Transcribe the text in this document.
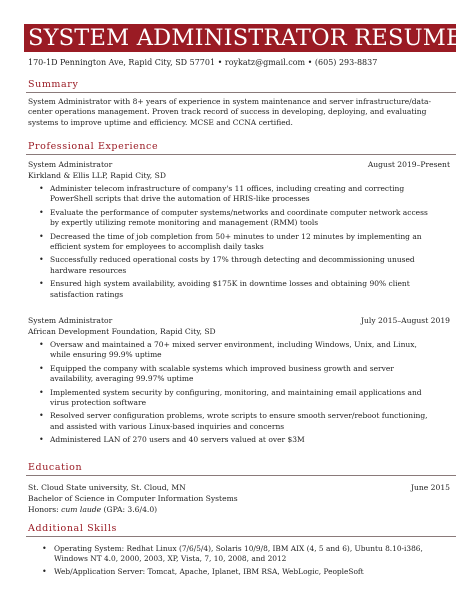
SYSTEM ADMINISTRATOR RESUME
170-1D Pennington Ave, Rapid City, SD 57701 • roykatz@gmail.com • (605) 293-8837
Summary
System Administrator with 8+ years of experience in system maintenance and server infrastructure/data-center operations management. Proven track record of success in developing, deploying, and evaluating systems to improve uptime and efficiency. MCSE and CCNA certified.
Professional Experience
System Administrator	August 2019–Present
Kirkland & Ellis LLP, Rapid City, SD
• Administer telecom infrastructure of company's 11 offices, including creating and correcting PowerShell scripts that drive the automation of HRIS-like processes
• Evaluate the performance of computer systems/networks and coordinate computer network access by expertly utilizing remote monitoring and management (RMM) tools
• Decreased the time of job completion from 50+ minutes to under 12 minutes by implementing an efficient system for employees to accomplish daily tasks
• Successfully reduced operational costs by 17% through detecting and decommissioning unused hardware resources
• Ensured high system availability, avoiding $175K in downtime losses and obtaining 90% client satisfaction ratings
System Administrator	July 2015–August 2019
African Development Foundation, Rapid City, SD
• Oversaw and maintained a 70+ mixed server environment, including Windows, Unix, and Linux, while ensuring 99.9% uptime
• Equipped the company with scalable systems which improved business growth and server availability, averaging 99.97% uptime
• Implemented system security by configuring, monitoring, and maintaining email applications and virus protection software
• Resolved server configuration problems, wrote scripts to ensure smooth server/reboot functioning, and assisted with various Linux-based inquiries and concerns
• Administered LAN of 270 users and 40 servers valued at over $3M
Education
St. Cloud State university, St. Cloud, MN	June 2015
Bachelor of Science in Computer Information Systems
Honors: cum laude (GPA: 3.6/4.0)
Additional Skills
• Operating System: Redhat Linux (7/6/5/4), Solaris 10/9/8, IBM AIX (4, 5 and 6), Ubuntu 8.10-i386, Windows NT 4.0, 2000, 2003, XP, Vista, 7, 10, 2008, and 2012
• Web/Application Server: Tomcat, Apache, Iplanet, IBM RSA, WebLogic, PeopleSoft
